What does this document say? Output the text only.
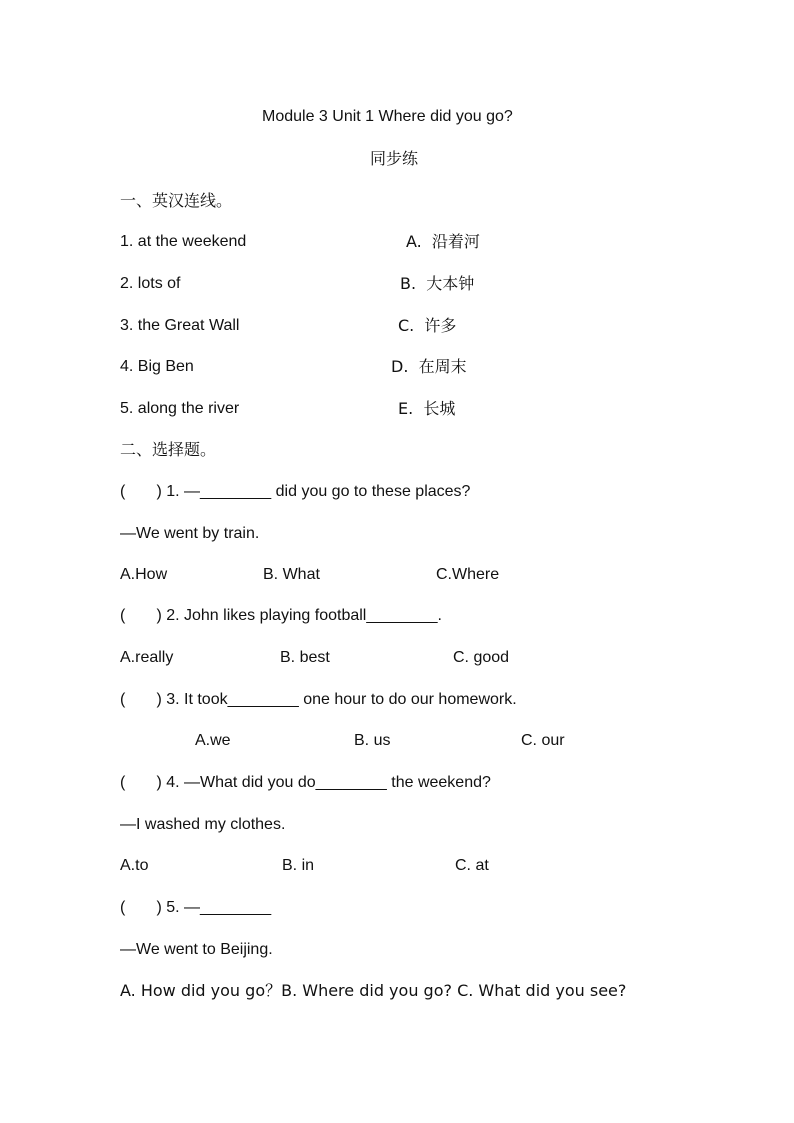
Module 3 Unit 1 Where did you go?
同步练
一、英汉连线。
1. at the weekend	A.  沿着河
2. lots of	B.  大本钟
3. the Great Wall	C.  许多
4. Big Ben	D.  在周末
5. along the river	E.  长城
二、选择题。
(       ) 1. —________ did you go to these places?
—We went by train.
A.How	B. What	C.Where
(       ) 2. John likes playing football________.
A.really	B. best	C. good
(       ) 3. It took________ one hour to do our homework.
A.we	B. us	C. our
(       ) 4. —What did you do________ the weekend?
—I washed my clothes.
A.to	B. in	C. at
(       ) 5. —________
—We went to Beijing.
A. How did you go？B. Where did you go? C. What did you see?
